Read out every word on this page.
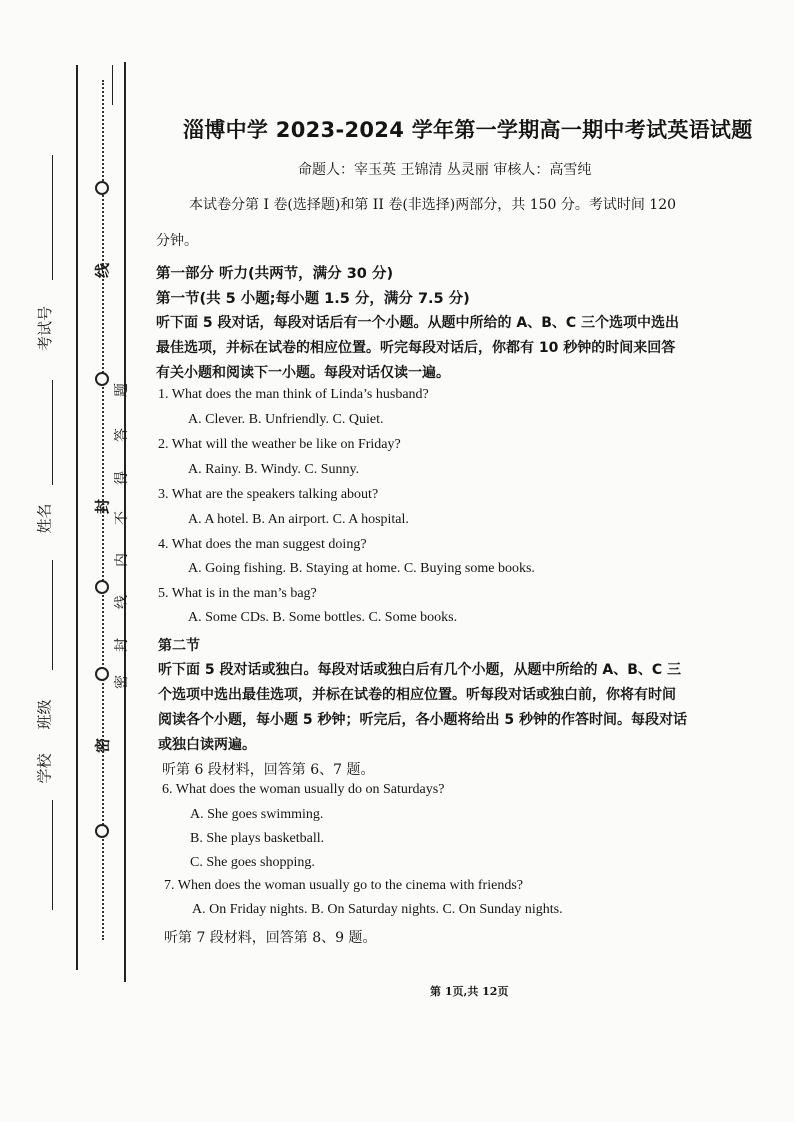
线
封
密
题
答
得
不
内
线
封
密
考试号
姓名
班级
学校
淄博中学 2023-2024 学年第一学期高一期中考试英语试题
命题人：宰玉英 王锦清 丛灵丽 审核人：高雪纯
本试卷分第 I 卷(选择题)和第 II 卷(非选择)两部分，共 150 分。考试时间 120
分钟。
第一部分 听力(共两节，满分 30 分)
第一节(共 5 小题;每小题 1.5 分，满分 7.5 分)
听下面 5 段对话，每段对话后有一个小题。从题中所给的 A、B、C 三个选项中选出
最佳选项，并标在试卷的相应位置。听完每段对话后，你都有 10 秒钟的时间来回答
有关小题和阅读下一小题。每段对话仅读一遍。
1. What does the man think of Linda’s husband?
A. Clever. B. Unfriendly. C. Quiet.
2. What will the weather be like on Friday?
A. Rainy. B. Windy. C. Sunny.
3. What are the speakers talking about?
A. A hotel. B. An airport. C. A hospital.
4. What does the man suggest doing?
A. Going fishing. B. Staying at home. C. Buying some books.
5. What is in the man’s bag?
A. Some CDs. B. Some bottles. C. Some books.
第二节
听下面 5 段对话或独白。每段对话或独白后有几个小题，从题中所给的 A、B、C 三
个选项中选出最佳选项，并标在试卷的相应位置。听每段对话或独白前，你将有时间
阅读各个小题，每小题 5 秒钟；听完后，各小题将给出 5 秒钟的作答时间。每段对话
或独白读两遍。
听第 6 段材料，回答第 6、7 题。
6. What does the woman usually do on Saturdays?
A. She goes swimming.
B. She plays basketball.
C. She goes shopping.
7. When does the woman usually go to the cinema with friends?
A. On Friday nights. B. On Saturday nights. C. On Sunday nights.
听第 7 段材料，回答第 8、9 题。
第 1页,共 12页
